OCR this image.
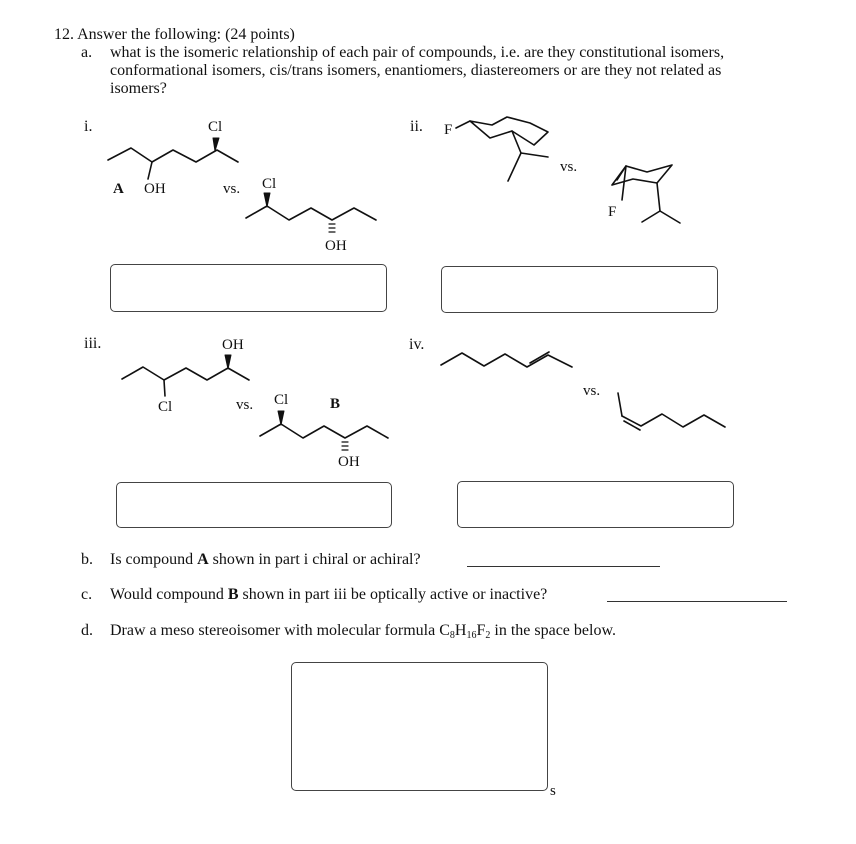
12. Answer the following: (24 points)
a. what is the isomeric relationship of each pair of compounds, i.e. are they constitutional isomers,
conformational isomers, cis/trans isomers, enantiomers, diastereomers or are they not related as
isomers?
i.	Cl
A OH	vs. Cl
OH
ii. F
vs.
F
iii.	OH
Cl	vs. Cl	B
OH
iv.
vs.
b. Is compound A shown in part i chiral or achiral?
c. Would compound B shown in part iii be optically active or inactive?
d. Draw a meso stereoisomer with molecular formula $C_8H_{16}F_2$ in the space below.
s
